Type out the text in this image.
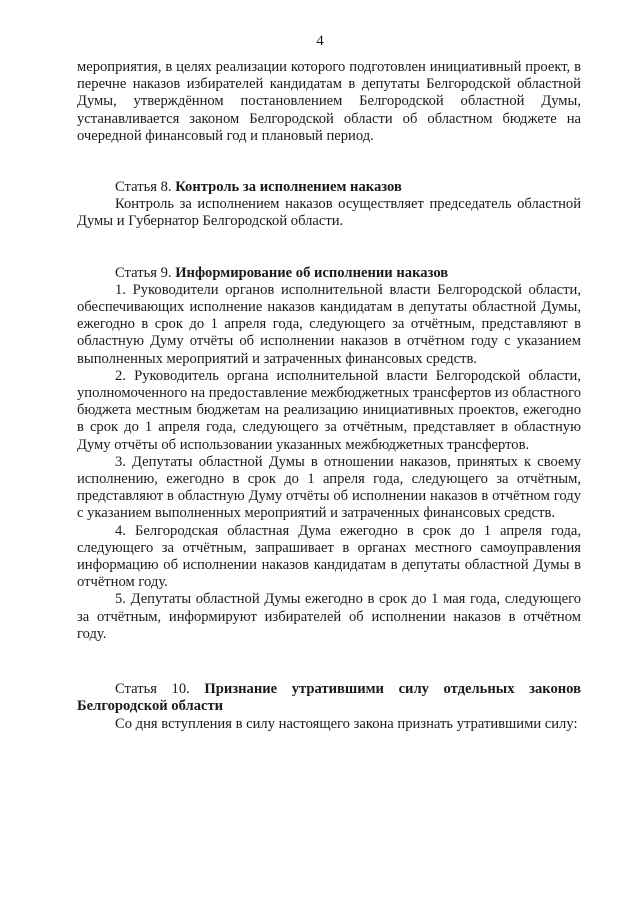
4

мероприятия, в целях реализации которого подготовлен инициативный проект, в перечне наказов избирателей кандидатам в депутаты Белгородской областной Думы, утверждённом постановлением Белгородской областной Думы, устанавливается законом Белгородской области об областном бюджете на очередной финансовый год и плановый период.

Статья 8. Контроль за исполнением наказов

Контроль за исполнением наказов осуществляет председатель областной Думы и Губернатор Белгородской области.

Статья 9. Информирование об исполнении наказов

1. Руководители органов исполнительной власти Белгородской области, обеспечивающих исполнение наказов кандидатам в депутаты областной Думы, ежегодно в срок до 1 апреля года, следующего за отчётным, представляют в областную Думу отчёты об исполнении наказов в отчётном году с указанием выполненных мероприятий и затраченных финансовых средств.

2. Руководитель органа исполнительной власти Белгородской области, уполномоченного на предоставление межбюджетных трансфертов из областного бюджета местным бюджетам на реализацию инициативных проектов, ежегодно в срок до 1 апреля года, следующего за отчётным, представляет в областную Думу отчёты об использовании указанных межбюджетных трансфертов.

3. Депутаты областной Думы в отношении наказов, принятых к своему исполнению, ежегодно в срок до 1 апреля года, следующего за отчётным, представляют в областную Думу отчёты об исполнении наказов в отчётном году с указанием выполненных мероприятий и затраченных финансовых средств.

4. Белгородская областная Дума ежегодно в срок до 1 апреля года, следующего за отчётным, запрашивает в органах местного самоуправления информацию об исполнении наказов кандидатам в депутаты областной Думы в отчётном году.

5. Депутаты областной Думы ежегодно в срок до 1 мая года, следующего за отчётным, информируют избирателей об исполнении наказов в отчётном году.

Статья 10. Признание утратившими силу отдельных законов Белгородской области

Со дня вступления в силу настоящего закона признать утратившими силу:
